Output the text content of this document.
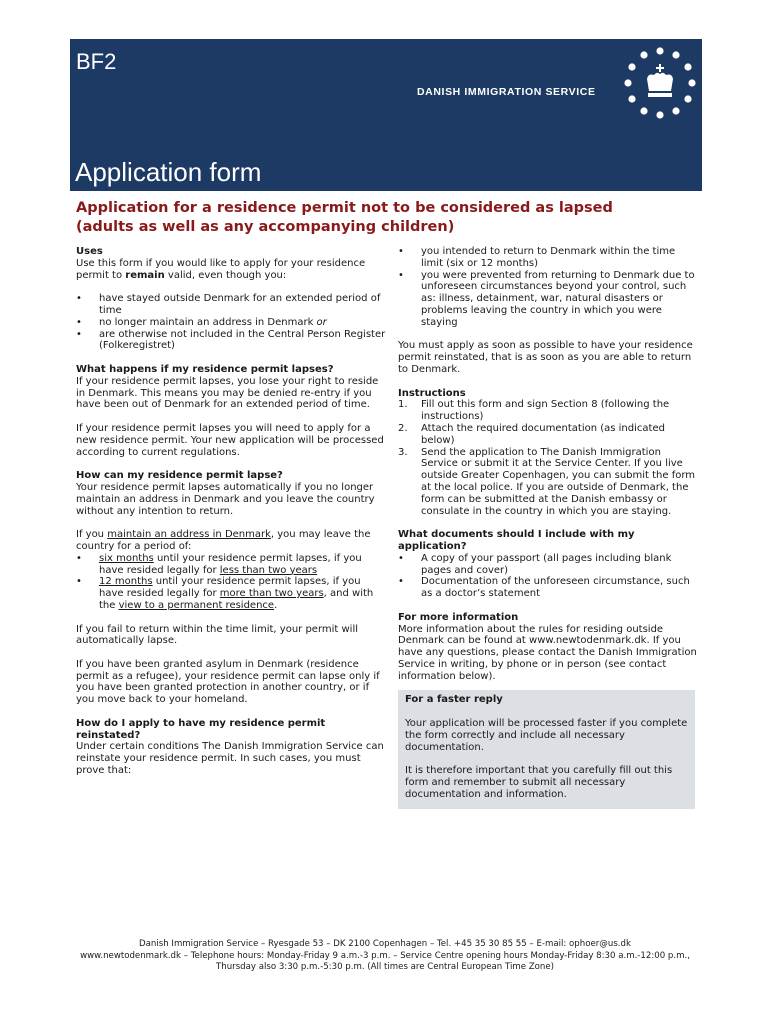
BF2
DANISH IMMIGRATION SERVICE
Application form
Application for a residence permit not to be considered as lapsed
(adults as well as any accompanying children)
Uses

Use this form if you would like to apply for your residence permit to remain valid, even though you:

• have stayed outside Denmark for an extended period of time
• no longer maintain an address in Denmark or
• are otherwise not included in the Central Person Register (Folkeregistret)
What happens if my residence permit lapses?

If your residence permit lapses, you lose your right to reside in Denmark. This means you may be denied re-entry if you have been out of Denmark for an extended period of time.

If your residence permit lapses you will need to apply for a new residence permit. Your new application will be processed according to current regulations.

How can my residence permit lapse?

Your residence permit lapses automatically if you no longer maintain an address in Denmark and you leave the country without any intention to return.

If you maintain an address in Denmark, you may leave the country for a period of:

• six months until your residence permit lapses, if you have resided legally for less than two years
• 12 months until your residence permit lapses, if you have resided legally for more than two years, and with the view to a permanent residence.

If you fail to return within the time limit, your permit will automatically lapse.

If you have been granted asylum in Denmark (residence permit as a refugee), your residence permit can lapse only if you have been granted protection in another country, or if you move back to your homeland.

How do I apply to have my residence permit reinstated?

Under certain conditions The Danish Immigration Service can reinstate your residence permit. In such cases, you must prove that:

• you intended to return to Denmark within the time limit (six or 12 months)
• you were prevented from returning to Denmark due to unforeseen circumstances beyond your control, such as: illness, detainment, war, natural disasters or problems leaving the country in which you were staying

You must apply as soon as possible to have your residence permit reinstated, that is as soon as you are able to return to Denmark.

Instructions
1. Fill out this form and sign Section 8 (following the instructions)
2. Attach the required documentation (as indicated below)
3. Send the application to The Danish Immigration Service or submit it at the Service Center. If you live outside Greater Copenhagen, you can submit the form at the local police. If you are outside of Denmark, the form can be submitted at the Danish embassy or consulate in the country in which you are staying.
What documents should I include with my application?
• A copy of your passport (all pages including blank pages and cover)
• Documentation of the unforeseen circumstance, such as a doctor’s statement
For more information

More information about the rules for residing outside Denmark can be found at www.newtodenmark.dk. If you have any questions, please contact the Danish Immigration Service in writing, by phone or in person (see contact information below).

For a faster reply

Your application will be processed faster if you complete the form correctly and include all necessary documentation.

It is therefore important that you carefully fill out this form and remember to submit all necessary documentation and information.

Danish Immigration Service – Ryesgade 53 – DK 2100 Copenhagen – Tel. +45 35 30 85 55 – E-mail: ophoer@us.dk
www.newtodenmark.dk – Telephone hours: Monday-Friday 9 a.m.-3 p.m. – Service Centre opening hours Monday-Friday 8:30 a.m.-12:00 p.m., Thursday also 3:30 p.m.-5:30 p.m. (All times are Central European Time Zone)
